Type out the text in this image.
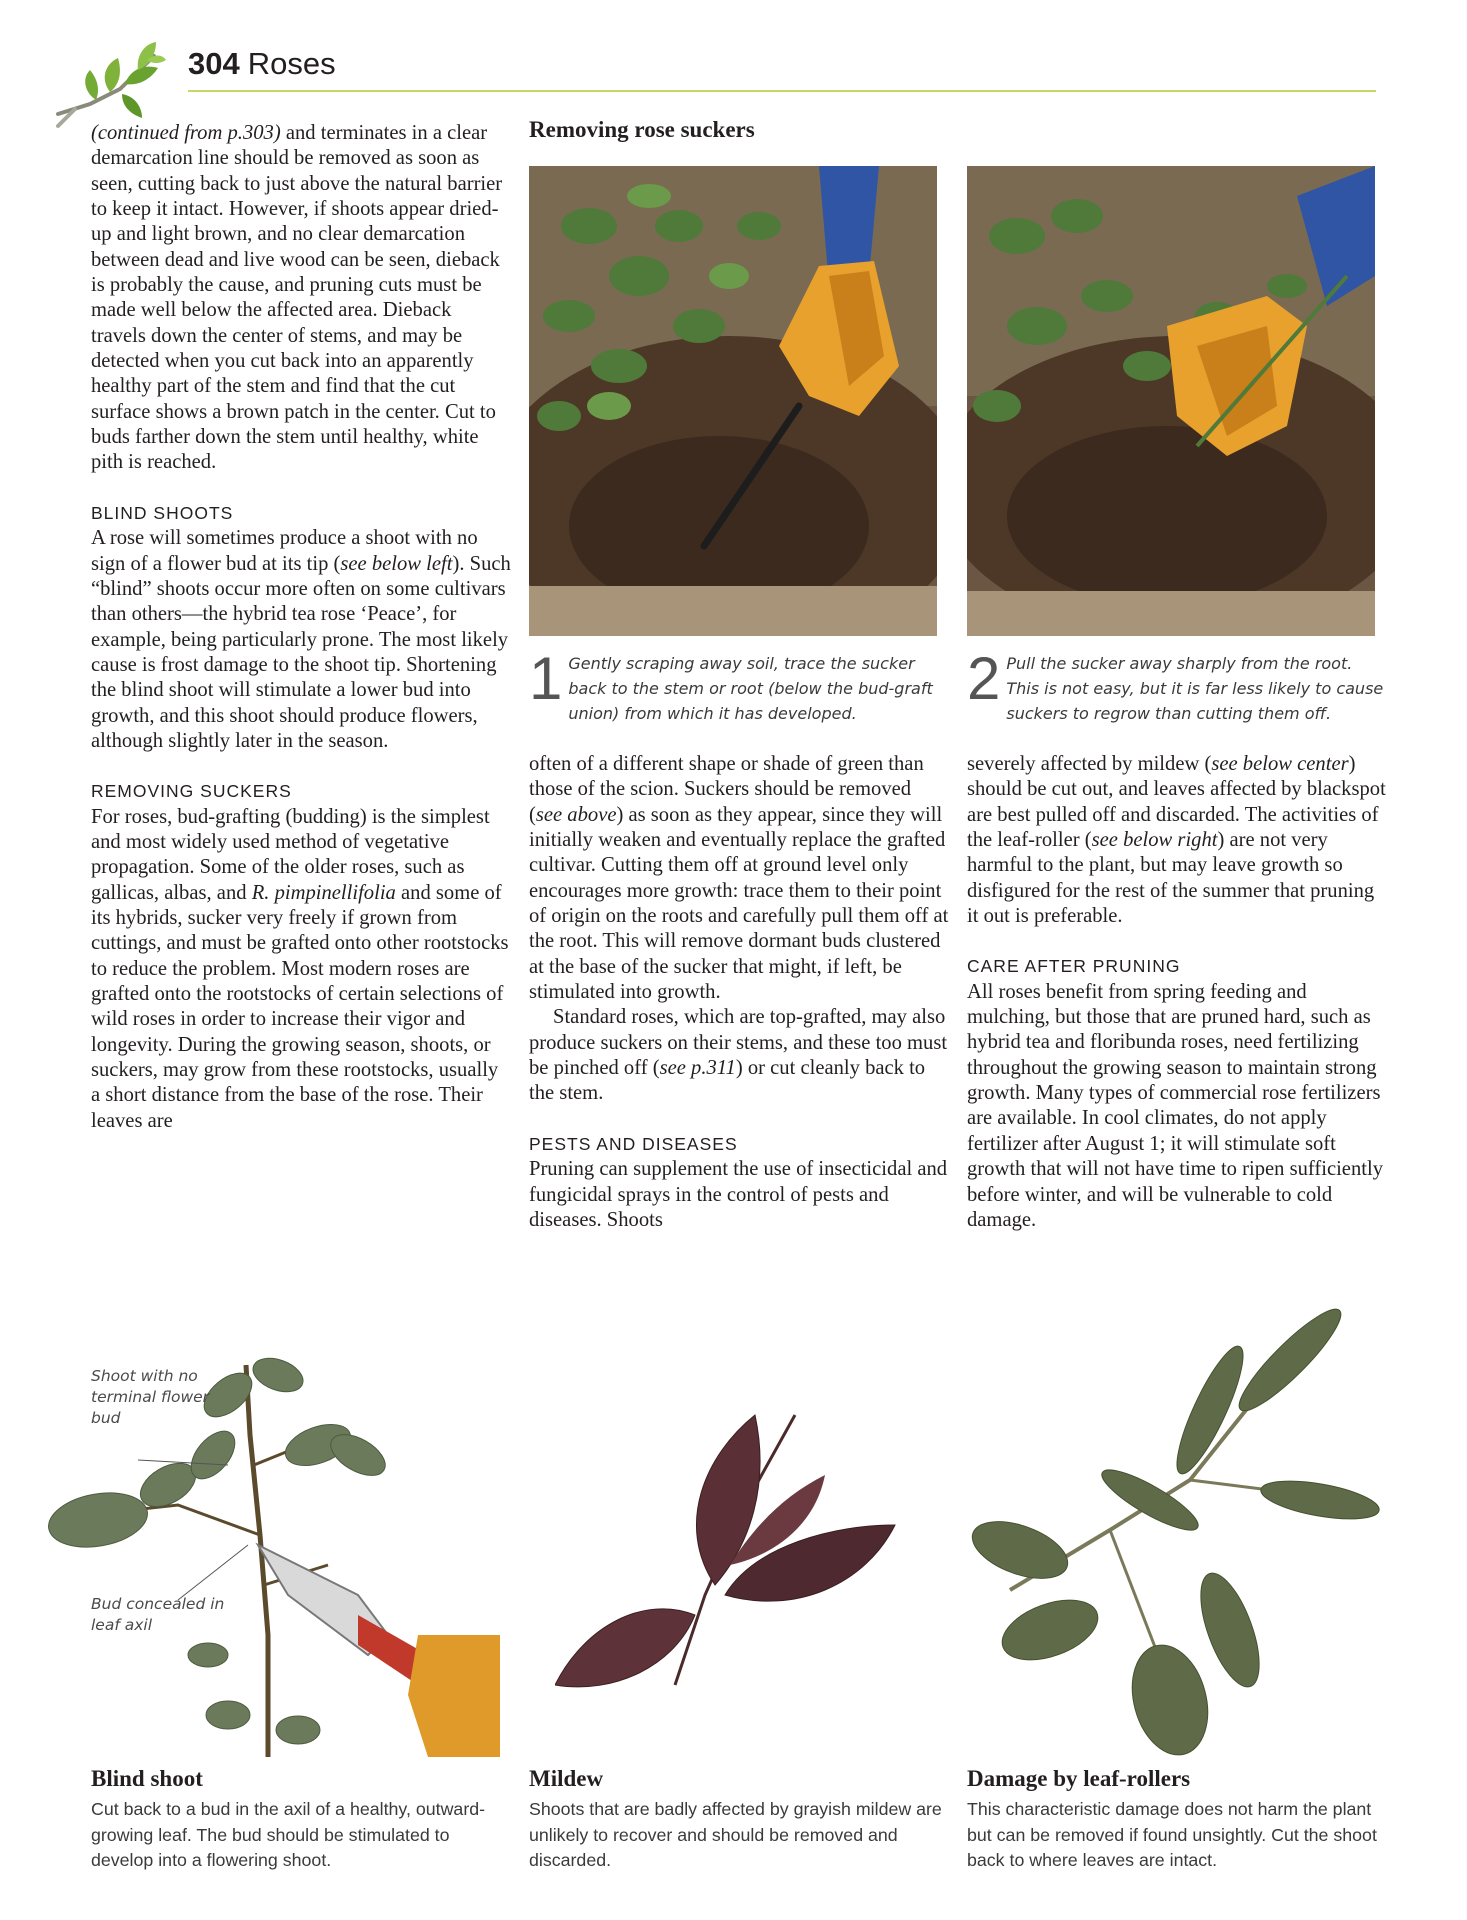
304 Roses

(continued from p.303) and terminates in a clear demarcation line should be removed as soon as seen, cutting back to just above the natural barrier to keep it intact. However, if shoots appear dried-up and light brown, and no clear demarcation between dead and live wood can be seen, dieback is probably the cause, and pruning cuts must be made well below the affected area. Dieback travels down the center of stems, and may be detected when you cut back into an apparently healthy part of the stem and find that the cut surface shows a brown patch in the center. Cut to buds farther down the stem until healthy, white pith is reached.

BLIND SHOOTS

A rose will sometimes produce a shoot with no sign of a flower bud at its tip (see below left). Such “blind” shoots occur more often on some cultivars than others—the hybrid tea rose ‘Peace’, for example, being particularly prone. The most likely cause is frost damage to the shoot tip. Shortening the blind shoot will stimulate a lower bud into growth, and this shoot should produce flowers, although slightly later in the season.

REMOVING SUCKERS

For roses, bud-grafting (budding) is the simplest and most widely used method of vegetative propagation. Some of the older roses, such as gallicas, albas, and R. pimpinellifolia and some of its hybrids, sucker very freely if grown from cuttings, and must be grafted onto other rootstocks to reduce the problem. Most modern roses are grafted onto the rootstocks of certain selections of wild roses in order to increase their vigor and longevity. During the growing season, shoots, or suckers, may grow from these rootstocks, usually a short distance from the base of the rose. Their leaves are

Removing rose suckers
1 Gently scraping away soil, trace the sucker back to the stem or root (below the bud-graft union) from which it has developed.
2 Pull the sucker away sharply from the root. This is not easy, but it is far less likely to cause suckers to regrow than cutting them off.

often of a different shape or shade of green than those of the scion. Suckers should be removed (see above) as soon as they appear, since they will initially weaken and eventually replace the grafted cultivar. Cutting them off at ground level only encourages more growth: trace them to their point of origin on the roots and carefully pull them off at the root. This will remove dormant buds clustered at the base of the sucker that might, if left, be stimulated into growth.

Standard roses, which are top-grafted, may also produce suckers on their stems, and these too must be pinched off (see p.311) or cut cleanly back to the stem.

PESTS AND DISEASES

Pruning can supplement the use of insecticidal and fungicidal sprays in the control of pests and diseases. Shoots

severely affected by mildew (see below center) should be cut out, and leaves affected by blackspot are best pulled off and discarded. The activities of the leaf-roller (see below right) are not very harmful to the plant, but may leave growth so disfigured for the rest of the summer that pruning it out is preferable.

CARE AFTER PRUNING

All roses benefit from spring feeding and mulching, but those that are pruned hard, such as hybrid tea and floribunda roses, need fertilizing throughout the growing season to maintain strong growth. Many types of commercial rose fertilizers are available. In cool climates, do not apply fertilizer after August 1; it will stimulate soft growth that will not have time to ripen sufficiently before winter, and will be vulnerable to cold damage.

Shoot with no terminal flower bud
Bud concealed in leaf axil
Blind shoot
Cut back to a bud in the axil of a healthy, outward-growing leaf. The bud should be stimulated to develop into a flowering shoot.
Mildew
Shoots that are badly affected by grayish mildew are unlikely to recover and should be removed and discarded.
Damage by leaf-rollers
This characteristic damage does not harm the plant but can be removed if found unsightly. Cut the shoot back to where leaves are intact.
